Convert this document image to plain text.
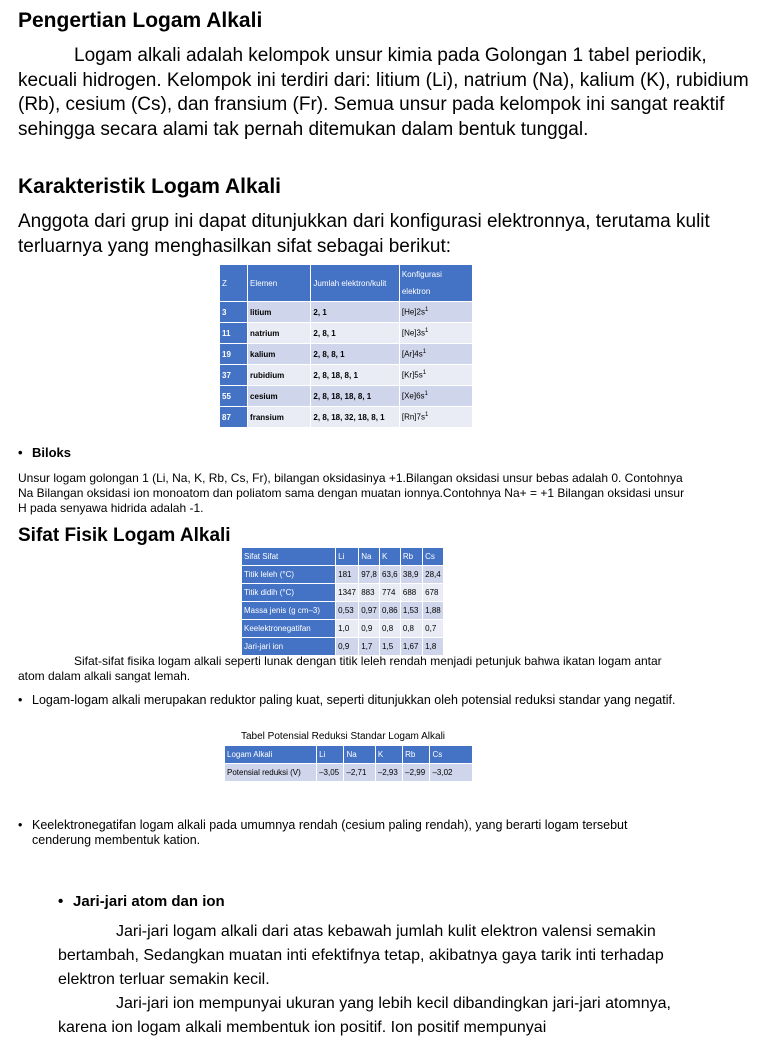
Pengertian Logam Alkali

Logam alkali adalah kelompok unsur kimia pada Golongan 1 tabel periodik, kecuali hidrogen. Kelompok ini terdiri dari: litium (Li), natrium (Na), kalium (K), rubidium (Rb), cesium (Cs), dan fransium (Fr). Semua unsur pada kelompok ini sangat reaktif sehingga secara alami tak pernah ditemukan dalam bentuk tunggal.

Karakteristik Logam Alkali

Anggota dari grup ini dapat ditunjukkan dari konfigurasi elektronnya, terutama kulit terluarnya yang menghasilkan sifat sebagai berikut:

Z	Elemen	Jumlah elektron/kulit	Konfigurasi elektron
3	litium	2, 1	$[He]2s^1$
11	natrium	2, 8, 1	$[Ne]3s^1$
19	kalium	2, 8, 8, 1	$[Ar]4s^1$
37	rubidium	2, 8, 18, 8, 1	$[Kr]5s^1$
55	cesium	2, 8, 18, 18, 8, 1	$[Xe]6s^1$
87	fransium	2, 8, 18, 32, 18, 8, 1	$[Rn]7s^1$
• Biloks

Unsur logam golongan 1 (Li, Na, K, Rb, Cs, Fr), bilangan oksidasinya +1.Bilangan oksidasi unsur bebas adalah 0. Contohnya Na Bilangan oksidasi ion monoatom dan poliatom sama dengan muatan ionnya.Contohnya Na+ = +1 Bilangan oksidasi unsur H pada senyawa hidrida adalah -1.

Sifat Fisik Logam Alkali
Sifat Sifat	Li	Na	K	Rb	Cs
Titik leleh (°C)	181	97,8	63,6	38,9	28,4
Titik didih (°C)	1347	883	774	688	678
Massa jenis (g cm–3)	0,53	0,97	0,86	1,53	1,88
Keelektronegatifan	1,0	0,9	0,8	0,8	0,7
Jari-jari ion	0,9	1,7	1,5	1,67	1,8

Sifat-sifat fisika logam alkali seperti lunak dengan titik leleh rendah menjadi petunjuk bahwa ikatan logam antar atom dalam alkali sangat lemah.

• Logam-logam alkali merupakan reduktor paling kuat, seperti ditunjukkan oleh potensial reduksi standar yang negatif.
Tabel Potensial Reduksi Standar Logam Alkali
Logam Alkali	Li	Na	K	Rb	Cs
Potensial reduksi (V)	–3,05	–2,71	–2,93	–2,99	–3,02
• Keelektronegatifan logam alkali pada umumnya rendah (cesium paling rendah), yang berarti logam tersebut cenderung membentuk kation.
• Jari-jari atom dan ion

Jari-jari logam alkali dari atas kebawah jumlah kulit elektron valensi semakin bertambah, Sedangkan muatan inti efektifnya tetap, akibatnya gaya tarik inti terhadap elektron terluar semakin kecil.

Jari-jari ion mempunyai ukuran yang lebih kecil dibandingkan jari-jari atomnya, karena ion logam alkali membentuk ion positif. Ion positif mempunyai
